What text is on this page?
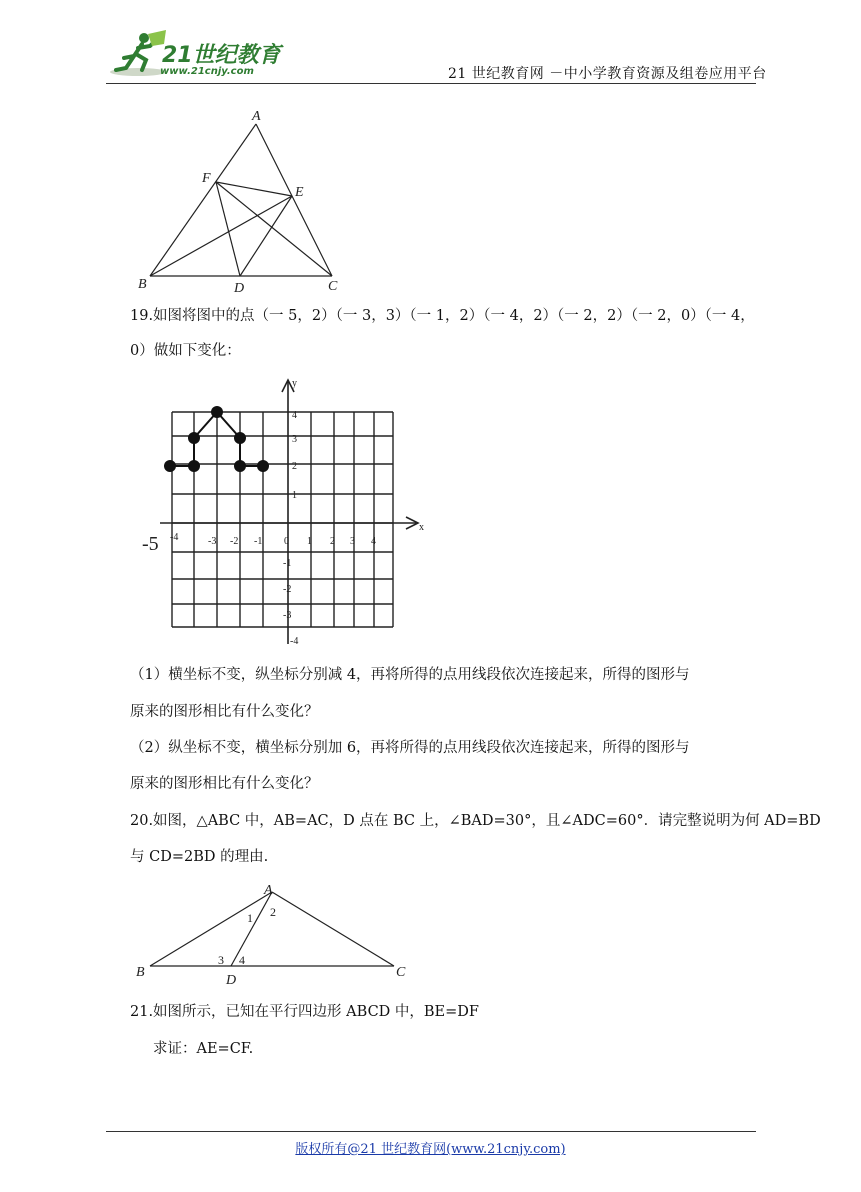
21世纪教育
www.21cnjy.com	21 世纪教育网 －中小学教育资源及组卷应用平台
A
F
E
B	D	C
19.如图将图中的点（一 5，2）（一 3，3）（一 1，2）（一 4，2）（一 2，2）（一 2，0）（一 4，
0）做如下变化：
y
x
-4	-3 -2 -1 0 1 2 3 4
4
3
2
1
-1
-2
-3
-4
-5
（1）横坐标不变，纵坐标分别减 4，再将所得的点用线段依次连接起来，所得的图形与
原来的图形相比有什么变化？
（2）纵坐标不变，横坐标分别加 6，再将所得的点用线段依次连接起来，所得的图形与
原来的图形相比有什么变化？
20.如图，△ABC 中，AB=AC，D 点在 BC 上，∠BAD=30°，且∠ADC=60°．请完整说明为何 AD=BD
与 CD=2BD 的理由.
A
B	C
D
1 2
3 4
21.如图所示，已知在平行四边形 ABCD 中，BE=DF
求证：AE=CF.
版权所有@21 世纪教育网(www.21cnjy.com)
